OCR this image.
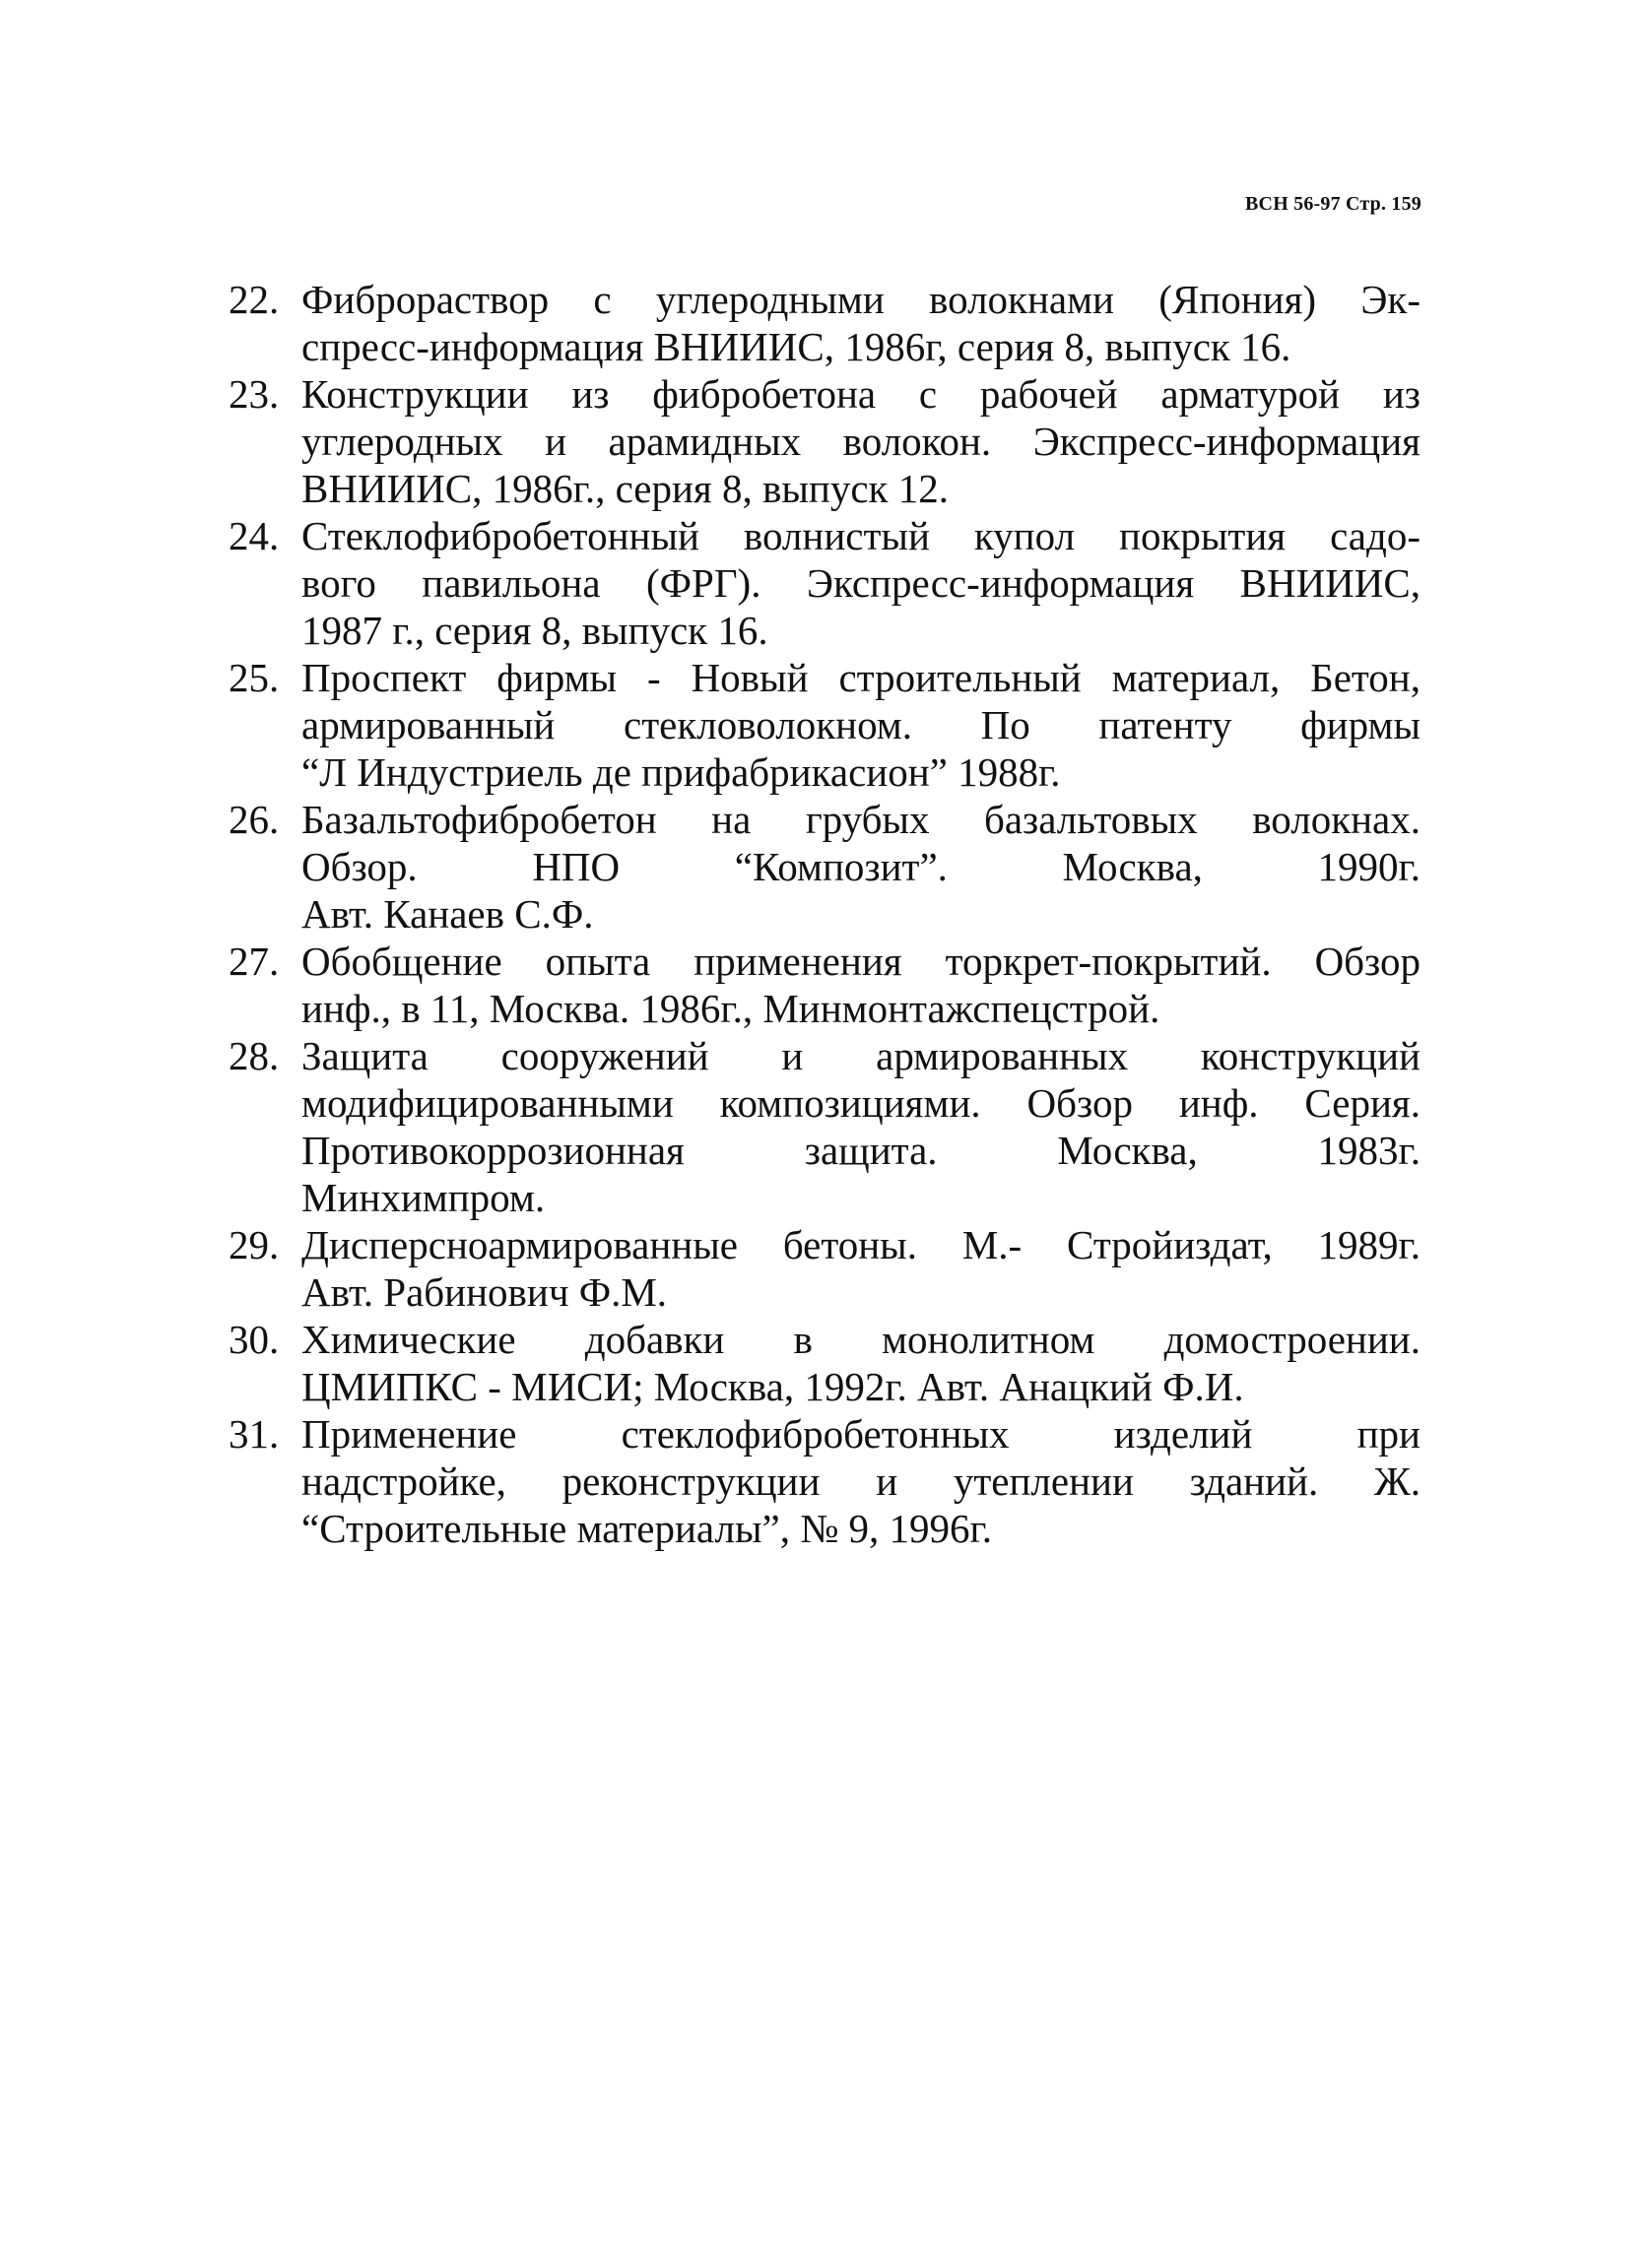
ВСН 56-97 Стр. 159
22. Фиброраствор с углеродными волокнами (Япония) Эк-
спресс-информация ВНИИИС, 1986г, серия 8, выпуск 16.
23. Конструкции из фибробетона с рабочей арматурой из
углеродных и арамидных волокон. Экспресс-информация
ВНИИИС, 1986г., серия 8, выпуск 12.
24. Стеклофибробетонный волнистый купол покрытия садо-
вого павильона (ФРГ). Экспресс-информация ВНИИИС,
1987 г., серия 8, выпуск 16.
25. Проспект фирмы - Новый строительный материал, Бетон,
армированный стекловолокном. По патенту фирмы
“Л Индустриель де прифабрикасион” 1988г.
26. Базальтофибробетон на грубых базальтовых волокнах.
Обзор. НПО “Композит”. Москва, 1990г.
Авт. Канаев С.Ф.
27. Обобщение опыта применения торкрет-покрытий. Обзор
инф., в 11, Москва. 1986г., Минмонтажспецстрой.
28. Защита сооружений и армированных конструкций
модифицированными композициями. Обзор инф. Серия.
Противокоррозионная защита. Москва, 1983г.
Минхимпром.
29. Дисперсноармированные бетоны. М.- Стройиздат, 1989г.
Авт. Рабинович Ф.М.
30. Химические добавки в монолитном домостроении.
ЦМИПКС - МИСИ; Москва, 1992г. Авт. Анацкий Ф.И.
31. Применение стеклофибробетонных изделий при
надстройке, реконструкции и утеплении зданий. Ж.
“Строительные материалы”, № 9, 1996г.
